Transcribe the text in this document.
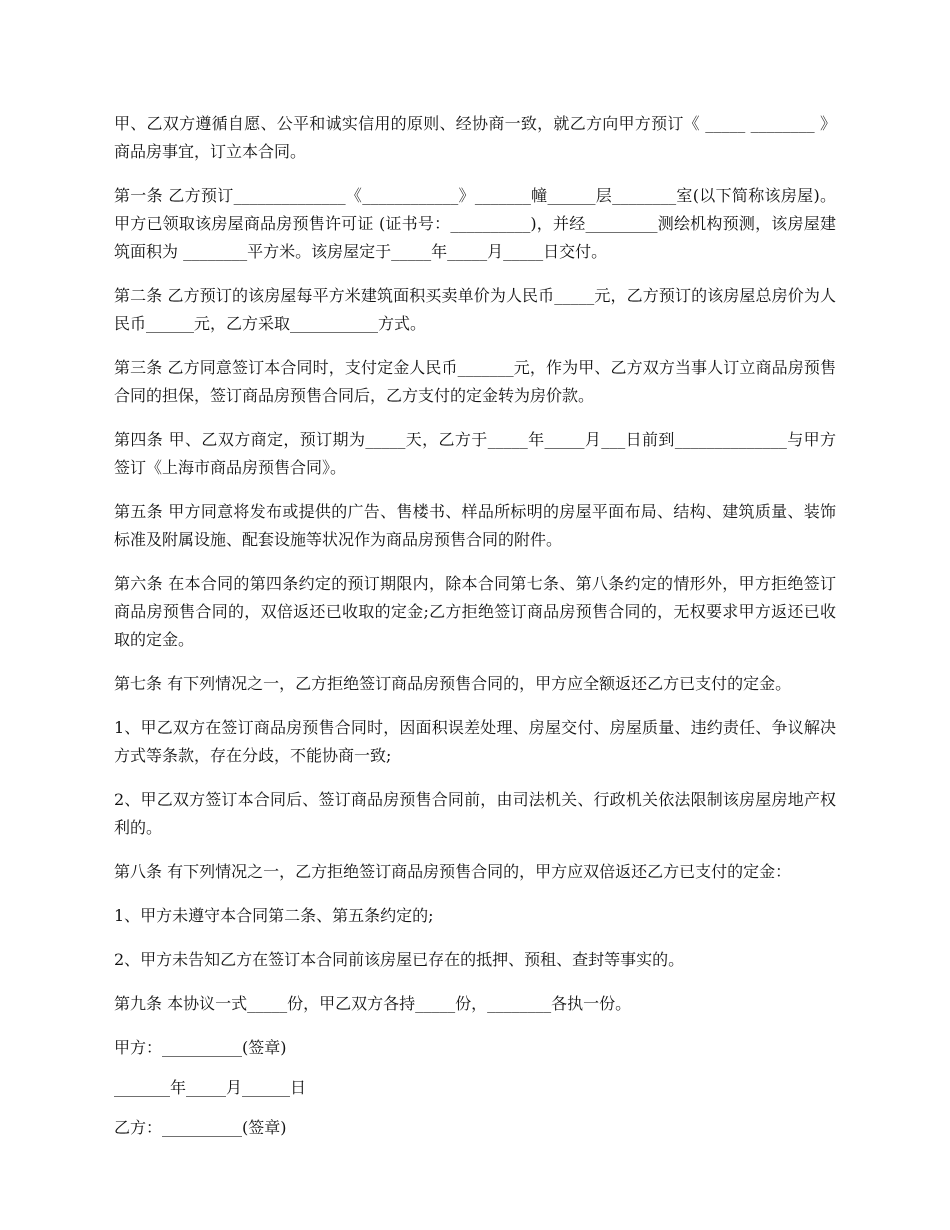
甲、乙双方遵循自愿、公平和诚实信用的原则、经协商一致，就乙方向甲方预订《 _____ ________ 》商品房事宜，订立本合同。

第一条 乙方预订______________《____________》_______幢______层________室(以下简称该房屋)。甲方已领取该房屋商品房预售许可证 (证书号：__________)，并经_________测绘机构预测，该房屋建筑面积为 ________平方米。该房屋定于_____年_____月_____日交付。

第二条 乙方预订的该房屋每平方米建筑面积买卖单价为人民币_____元，乙方预订的该房屋总房价为人民币______元，乙方采取___________方式。

第三条 乙方同意签订本合同时，支付定金人民币_______元，作为甲、乙方双方当事人订立商品房预售合同的担保，签订商品房预售合同后，乙方支付的定金转为房价款。

第四条 甲、乙双方商定，预订期为_____天，乙方于_____年_____月___日前到______________与甲方签订《上海市商品房预售合同》。

第五条 甲方同意将发布或提供的广告、售楼书、样品所标明的房屋平面布局、结构、建筑质量、装饰标准及附属设施、配套设施等状况作为商品房预售合同的附件。

第六条 在本合同的第四条约定的预订期限内，除本合同第七条、第八条约定的情形外，甲方拒绝签订商品房预售合同的，双倍返还已收取的定金;乙方拒绝签订商品房预售合同的，无权要求甲方返还已收取的定金。

第七条 有下列情况之一，乙方拒绝签订商品房预售合同的，甲方应全额返还乙方已支付的定金。

1、甲乙双方在签订商品房预售合同时，因面积误差处理、房屋交付、房屋质量、违约责任、争议解决方式等条款，存在分歧，不能协商一致;

2、甲乙双方签订本合同后、签订商品房预售合同前，由司法机关、行政机关依法限制该房屋房地产权利的。

第八条 有下列情况之一，乙方拒绝签订商品房预售合同的，甲方应双倍返还乙方已支付的定金：

1、甲方未遵守本合同第二条、第五条约定的;

2、甲方未告知乙方在签订本合同前该房屋已存在的抵押、预租、查封等事实的。

第九条 本协议一式_____份，甲乙双方各持_____份，________各执一份。

甲方：__________(签章)

_______年_____月______日

乙方：__________(签章)
